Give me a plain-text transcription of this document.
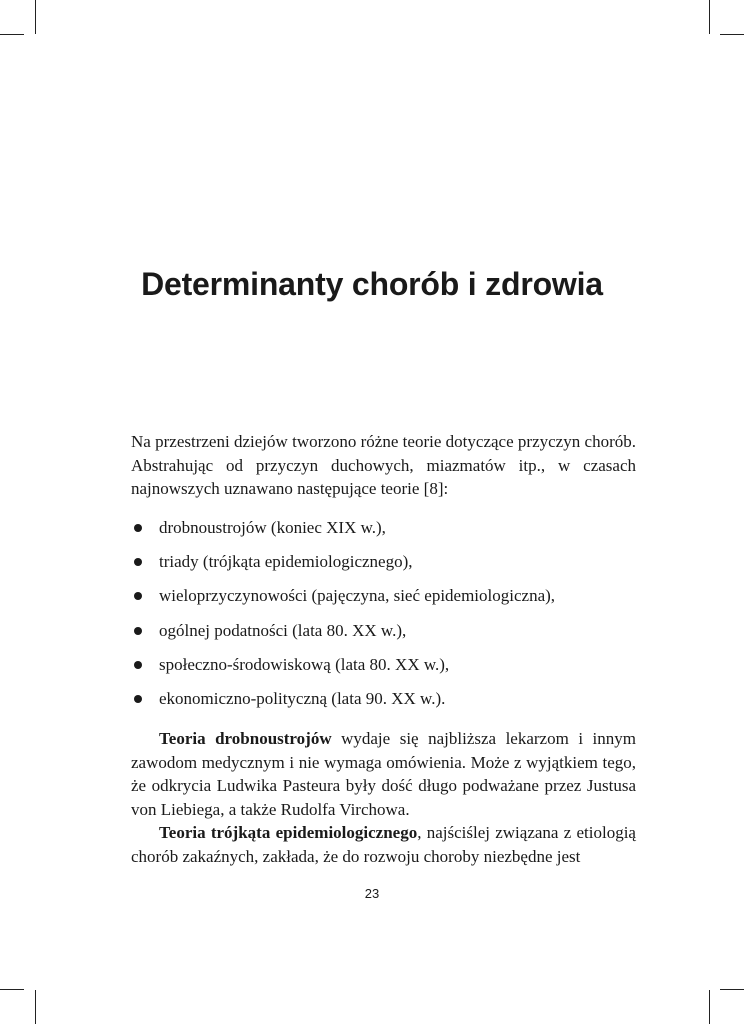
Determinanty chorób i zdrowia

Na przestrzeni dziejów tworzono różne teorie dotyczące przyczyn chorób. Abstrahując od przyczyn duchowych, miazmatów itp., w czasach najnowszych uznawano następujące teorie [8]:

drobnoustrojów (koniec XIX w.),
triady (trójkąta epidemiologicznego),
wieloprzyczynowości (pajęczyna, sieć epidemiologiczna),
ogólnej podatności (lata 80. XX w.),
społeczno-środowiskową (lata 80. XX w.),
ekonomiczno-polityczną (lata 90. XX w.).

Teoria drobnoustrojów wydaje się najbliższa lekarzom i innym zawodom medycznym i nie wymaga omówienia. Może z wyjątkiem tego, że odkrycia Ludwika Pasteura były dość długo podważane przez Justusa von Liebiega, a także Rudolfa Virchowa.

Teoria trójkąta epidemiologicznego, najściślej związana z etiologią chorób zakaźnych, zakłada, że do rozwoju choroby niezbędne jest

23
